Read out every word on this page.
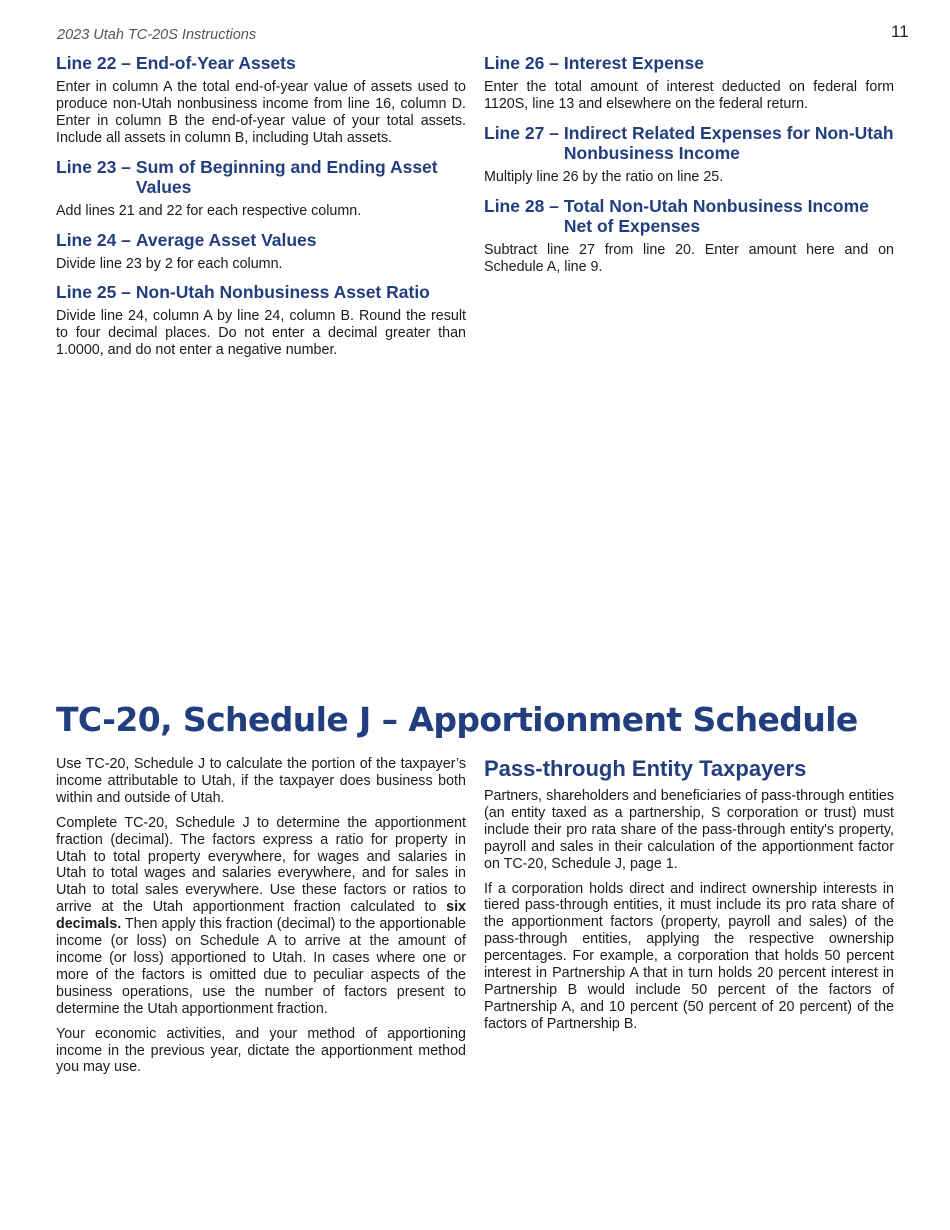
2023 Utah TC-20S Instructions	11
Line 22 – End-of-Year Assets

Enter in column A the total end-of-year value of assets used to produce non-Utah nonbusiness income from line 16, column D. Enter in column B the end-of-year value of your total assets. Include all assets in column B, including Utah assets.

Line 23 – Sum of Beginning and Ending Asset Values

Add lines 21 and 22 for each respective column.

Line 24 – Average Asset Values

Divide line 23 by 2 for each column.

Line 25 – Non-Utah Nonbusiness Asset Ratio

Divide line 24, column A by line 24, column B. Round the result to four decimal places. Do not enter a decimal greater than 1.0000, and do not enter a negative number.

Line 26 – Interest Expense

Enter the total amount of interest deducted on federal form 1120S, line 13 and elsewhere on the federal return.

Line 27 – Indirect Related Expenses for Non-Utah Nonbusiness Income

Multiply line 26 by the ratio on line 25.

Line 28 – Total Non-Utah Nonbusiness Income Net of Expenses

Subtract line 27 from line 20. Enter amount here and on Schedule A, line 9.

TC-20, Schedule J – Apportionment Schedule

Use TC-20, Schedule J to calculate the portion of the taxpayer’s income attributable to Utah, if the taxpayer does business both within and outside of Utah.

Complete TC-20, Schedule J to determine the apportionment fraction (decimal). The factors express a ratio for property in Utah to total property everywhere, for wages and salaries in Utah to total wages and salaries everywhere, and for sales in Utah to total sales everywhere. Use these factors or ratios to arrive at the Utah apportionment fraction calculated to six decimals. Then apply this fraction (decimal) to the apportionable income (or loss) on Schedule A to arrive at the amount of income (or loss) apportioned to Utah. In cases where one or more of the factors is omitted due to peculiar aspects of the business operations, use the number of factors present to determine the Utah apportionment fraction.

Your economic activities, and your method of apportioning income in the previous year, dictate the apportionment method you may use.

Pass-through Entity Taxpayers

Partners, shareholders and beneficiaries of pass-through entities (an entity taxed as a partnership, S corporation or trust) must include their pro rata share of the pass-through entity's property, payroll and sales in their calculation of the apportionment factor on TC-20, Schedule J, page 1.

If a corporation holds direct and indirect ownership interests in tiered pass-through entities, it must include its pro rata share of the apportionment factors (property, payroll and sales) of the pass-through entities, applying the respective ownership percentages. For example, a corporation that holds 50 percent interest in Partnership A that in turn holds 20 percent interest in Partnership B would include 50 percent of the factors of Partnership A, and 10 percent (50 percent of 20 percent) of the factors of Partnership B.
